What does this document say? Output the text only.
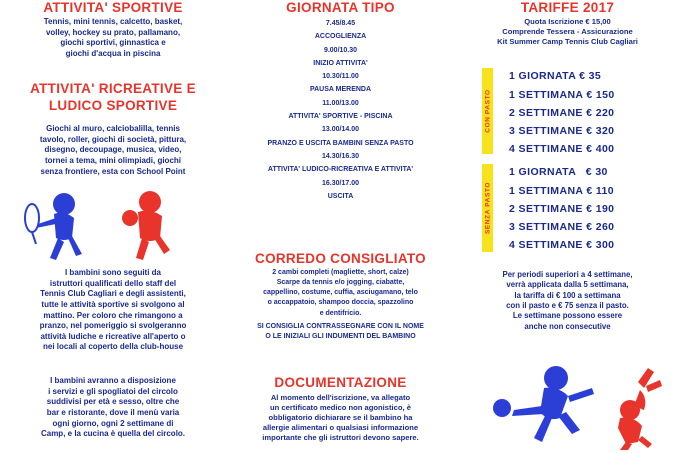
ATTIVITA' SPORTIVE
Tennis, mini tennis, calcetto, basket,
volley, hockey su prato, pallamano,
giochi sportivi, ginnastica e
giochi d'acqua in piscina
ATTIVITA' RICREATIVE E
LUDICO SPORTIVE
Giochi al muro, calciobalilla, tennis
tavolo, roller, giochi di società, pittura,
disegno, decoupage, musica, video,
tornei a tema, mini olimpiadi, giochi
senza frontiere, esta con School Point
I bambini sono seguiti da
istruttori qualificati dello staff del
Tennis Club Cagliari e degli assistenti,
tutte le attività sportive si svolgono al
mattino. Per coloro che rimangono a
pranzo, nel pomeriggio si svolgeranno
attività ludiche e ricreative all'aperto o
nei locali al coperto della club-house
I bambini avranno a disposizione
i servizi e gli spogliatoi del circolo
suddivisi per età e sesso, oltre che
bar e ristorante, dove il menù varia
ogni giorno, ogni 2 settimane di
Camp, e la cucina è quella del circolo.
GIORNATA TIPO
7.45/8.45
ACCOGLIENZA
9.00/10.30
INIZIO ATTIVITA'
10.30/11.00
PAUSA MERENDA
11.00/13.00
ATTIVITA' SPORTIVE - PISCINA
13.00/14.00
PRANZO E USCITA BAMBINI SENZA PASTO
14.30/16.30
ATTIVITA' LUDICO-RICREATIVA E ATTIVITA'
16.30/17.00
USCITA
CORREDO CONSIGLIATO
2 cambi completi (magliette, short, calze)
Scarpe da tennis e/o jogging, ciabatte,
cappellino, costume, cuffia, asciugamano, telo
o accappatoio, shampoo doccia, spazzolino
e dentifricio.
SI CONSIGLIA CONTRASSEGNARE CON IL NOME
O LE INIZIALI GLI INDUMENTI DEL BAMBINO
DOCUMENTAZIONE
Al momento dell'iscrizione, va allegato
un certificato medico non agonistico, è
obbligatorio dichiarare se il bambino ha
allergie alimentari o qualsiasi informazione
importante che gli istruttori devono sapere.
TARIFFE 2017
Quota Iscrizione € 15,00
Comprende Tessera - Assicurazione
Kit Summer Camp Tennis Club Cagliari
Per periodi superiori a 4 settimane,
verrà applicata dalla 5 settimana,
la tariffa di € 100 a settimana
con il pasto e € 75 senza il pasto.
Le settimane possono essere
anche non consecutive
CON PASTO
SENZA PASTO
1 GIORNATA € 35
1 SETTIMANA € 150
2 SETTIMANE € 220
3 SETTIMANE € 320
4 SETTIMANE € 400
1 GIORNATA   € 30
1 SETTIMANA € 110
2 SETTIMANE € 190
3 SETTIMANE € 260
4 SETTIMANE € 300
